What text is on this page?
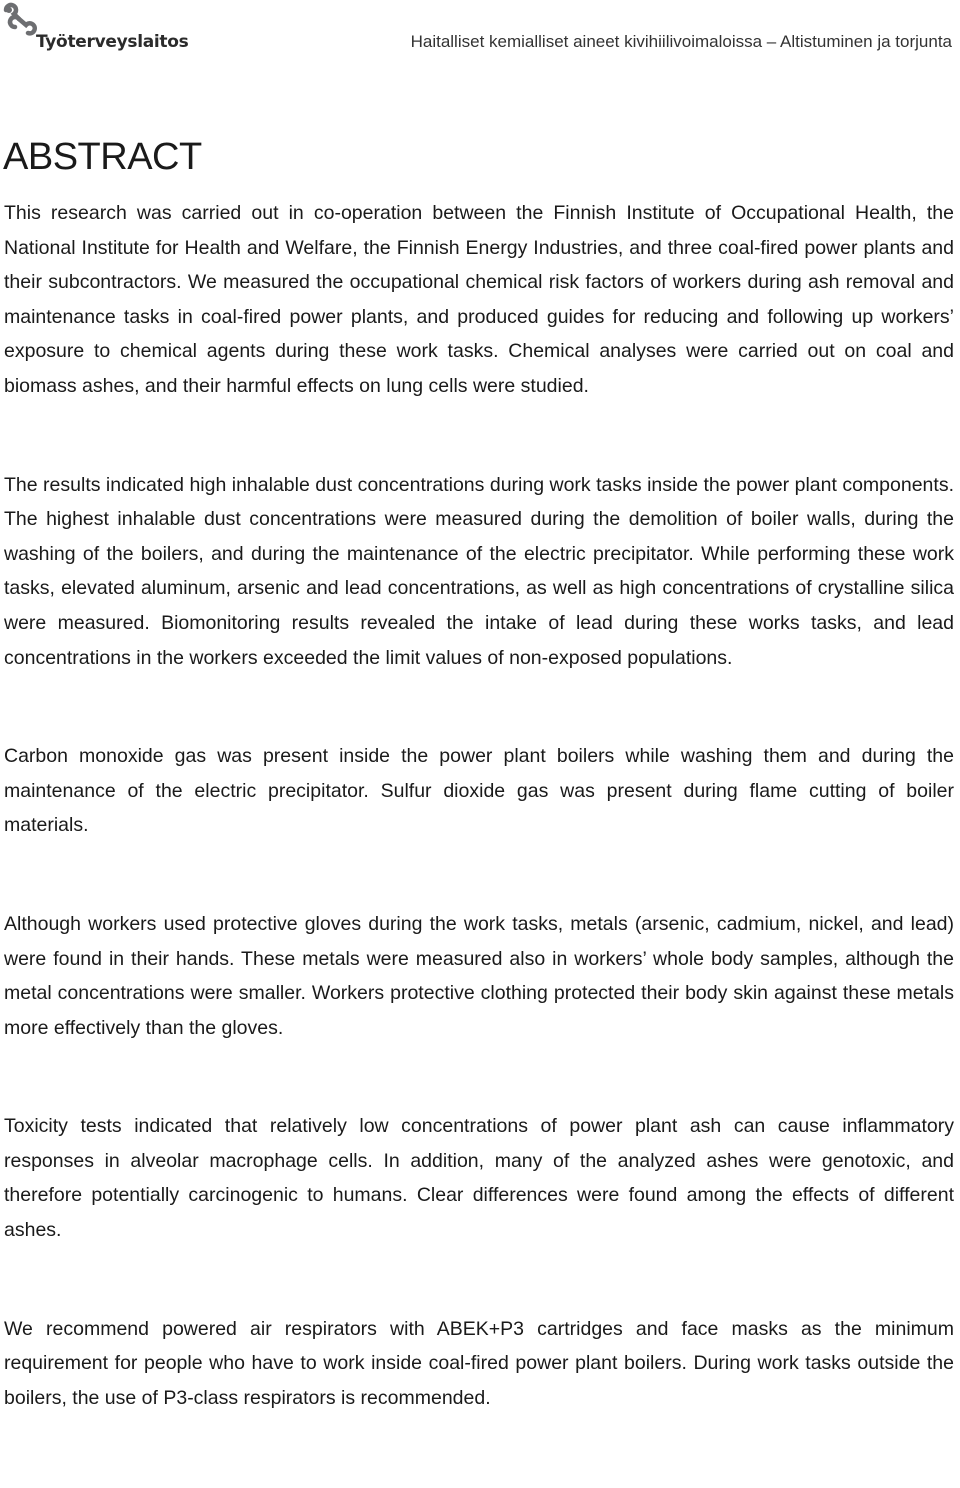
Työterveyslaitos	Haitalliset kemialliset aineet kivihiilivoimaloissa – Altistuminen ja torjunta
ABSTRACT

This research was carried out in co-operation between the Finnish Institute of Occupational Health, the National Institute for Health and Welfare, the Finnish Energy Industries, and three coal-fired power plants and their subcontractors. We measured the occupational chemical risk factors of workers during ash removal and maintenance tasks in coal-fired power plants, and produced guides for reducing and following up workers’ exposure to chemical agents during these work tasks. Chemical analyses were carried out on coal and biomass ashes, and their harmful effects on lung cells were studied.

The results indicated high inhalable dust concentrations during work tasks inside the power plant components. The highest inhalable dust concentrations were measured during the demolition of boiler walls, during the washing of the boilers, and during the maintenance of the electric precipitator. While performing these work tasks, elevated aluminum, arsenic and lead concentrations, as well as high concentrations of crystalline silica were measured. Biomonitoring results revealed the intake of lead during these works tasks, and lead concentrations in the workers exceeded the limit values of non-exposed populations.

Carbon monoxide gas was present inside the power plant boilers while washing them and during the maintenance of the electric precipitator. Sulfur dioxide gas was present during flame cutting of boiler materials.

Although workers used protective gloves during the work tasks, metals (arsenic, cadmium, nickel, and lead) were found in their hands. These metals were measured also in workers’ whole body samples, although the metal concentrations were smaller. Workers protective clothing protected their body skin against these metals more effectively than the gloves.

Toxicity tests indicated that relatively low concentrations of power plant ash can cause inflammatory responses in alveolar macrophage cells. In addition, many of the analyzed ashes were genotoxic, and therefore potentially carcinogenic to humans. Clear differences were found among the effects of different ashes.

We recommend powered air respirators with ABEK+P3 cartridges and face masks as the minimum requirement for people who have to work inside coal-fired power plant boilers. During work tasks outside the boilers, the use of P3-class respirators is recommended.
